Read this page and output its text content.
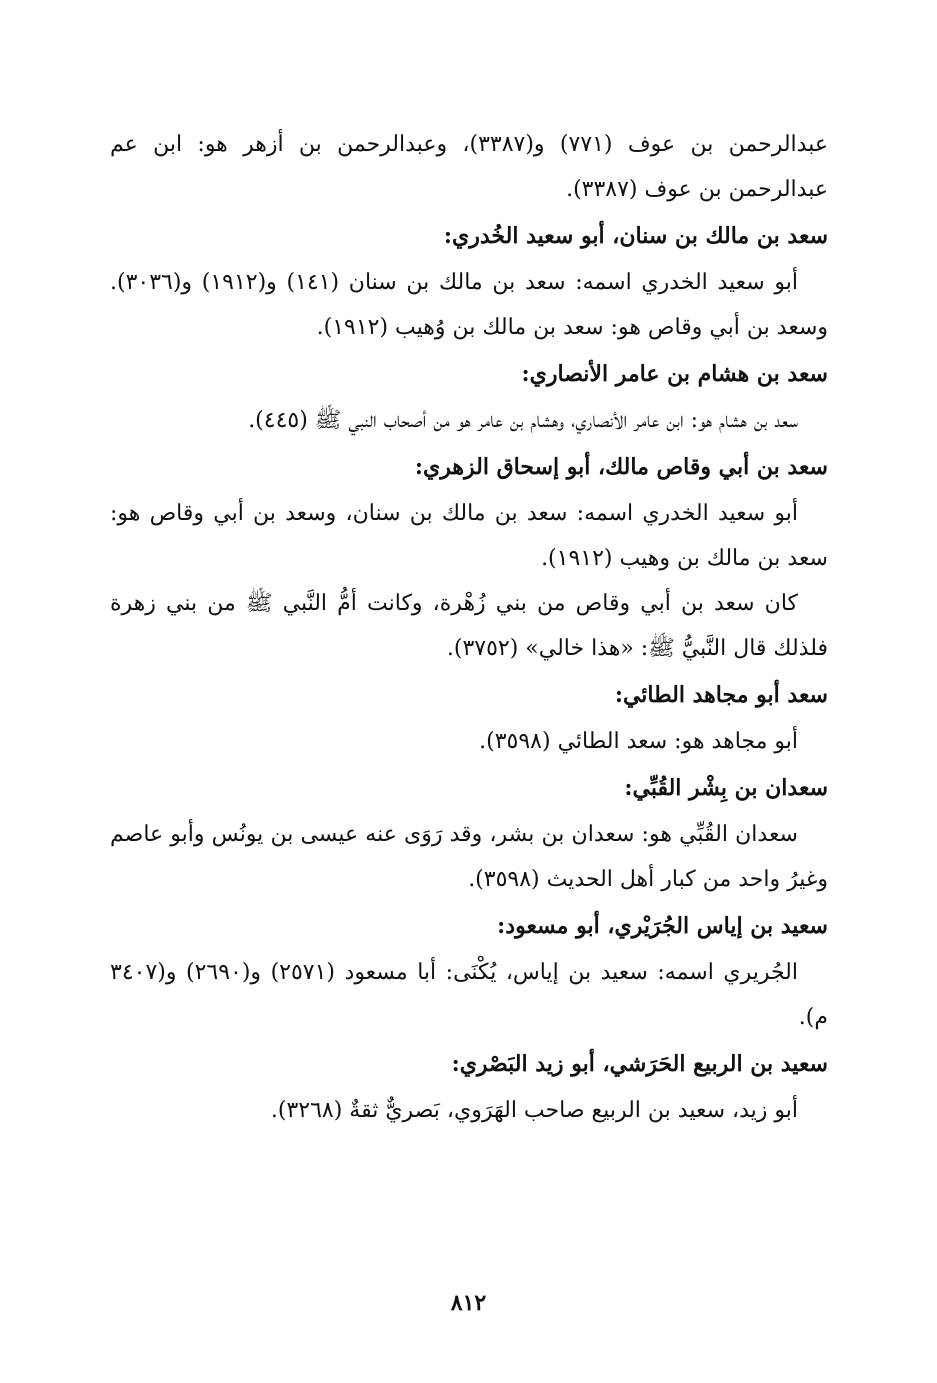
عبدالرحمن بن عوف (٧٧١) و(٣٣٨٧)، وعبدالرحمن بن أزهر هو: ابن عم عبدالرحمن بن عوف (٣٣٨٧).

سعد بن مالك بن سنان، أبو سعيد الخُدري:

أبو سعيد الخدري اسمه: سعد بن مالك بن سنان (١٤١) و(١٩١٢) و(٣٠٣٦). وسعد بن أبي وقاص هو: سعد بن مالك بن وُهيب (١٩١٢).

سعد بن هشام بن عامر الأنصاري:

سعد بن هشام هو: ابن عامر الأنصاري، وهشام بن عامر هو من أصحاب النبي ﷺ (٤٤٥).

سعد بن أبي وقاص مالك، أبو إسحاق الزهري:

أبو سعيد الخدري اسمه: سعد بن مالك بن سنان، وسعد بن أبي وقاص هو: سعد بن مالك بن وهيب (١٩١٢).

كان سعد بن أبي وقاص من بني زُهْرة، وكانت أمُّ النَّبي ﷺ من بني زهرة فلذلك قال النَّبيُّ ﷺ: «هذا خالي» (٣٧٥٢).

سعد أبو مجاهد الطائي:

أبو مجاهد هو: سعد الطائي (٣٥٩٨).

سعدان بن بِشْر القُبِّي:

سعدان القُبِّي هو: سعدان بن بشر، وقد رَوَى عنه عيسى بن يونُس وأبو عاصم وغيرُ واحد من كبار أهل الحديث (٣٥٩٨).

سعيد بن إياس الجُرَيْري، أبو مسعود:

الجُريري اسمه: سعيد بن إياس، يُكْنَى: أبا مسعود (٢٥٧١) و(٢٦٩٠) و(٣٤٠٧ م).

سعيد بن الربيع الحَرَشي، أبو زيد البَصْري:

أبو زيد، سعيد بن الربيع صاحب الهَرَوي، بَصريٌّ ثقةٌ (٣٢٦٨).

٨١٢
